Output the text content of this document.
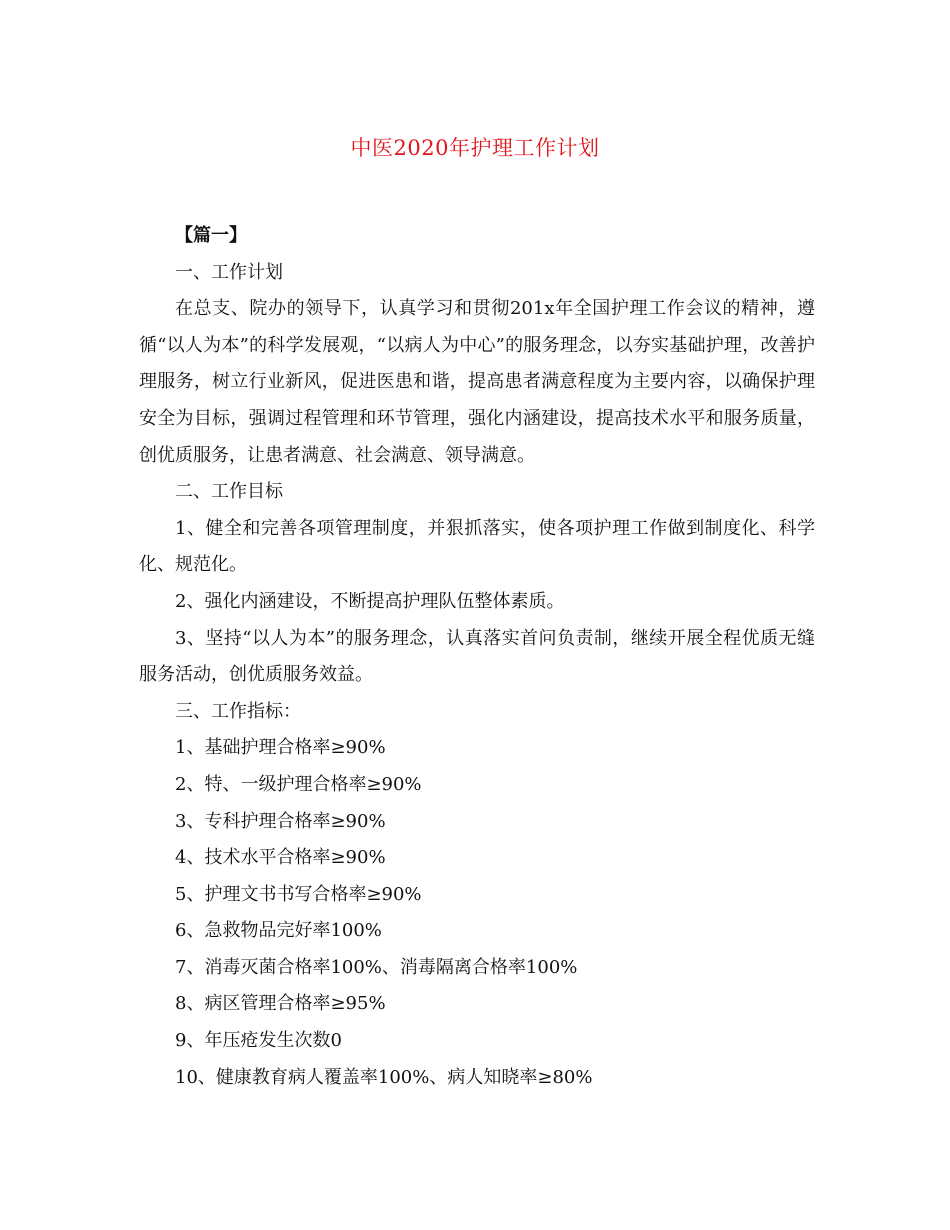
中医2020年护理工作计划

【篇一】

一、工作计划

在总支、院办的领导下，认真学习和贯彻201x年全国护理工作会议的精神，遵循“以人为本”的科学发展观，“以病人为中心”的服务理念，以夯实基础护理，改善护理服务，树立行业新风，促进医患和谐，提高患者满意程度为主要内容，以确保护理安全为目标，强调过程管理和环节管理，强化内涵建设，提高技术水平和服务质量，创优质服务，让患者满意、社会满意、领导满意。

二、工作目标

1、健全和完善各项管理制度，并狠抓落实，使各项护理工作做到制度化、科学化、规范化。

2、强化内涵建设，不断提高护理队伍整体素质。

3、坚持“以人为本”的服务理念，认真落实首问负责制，继续开展全程优质无缝服务活动，创优质服务效益。

三、工作指标：

1、基础护理合格率≥90%

2、特、一级护理合格率≥90%

3、专科护理合格率≥90%

4、技术水平合格率≥90%

5、护理文书书写合格率≥90%

6、急救物品完好率100%

7、消毒灭菌合格率100%、消毒隔离合格率100%

8、病区管理合格率≥95%

9、年压疮发生次数0

10、健康教育病人覆盖率100%、病人知晓率≥80%
